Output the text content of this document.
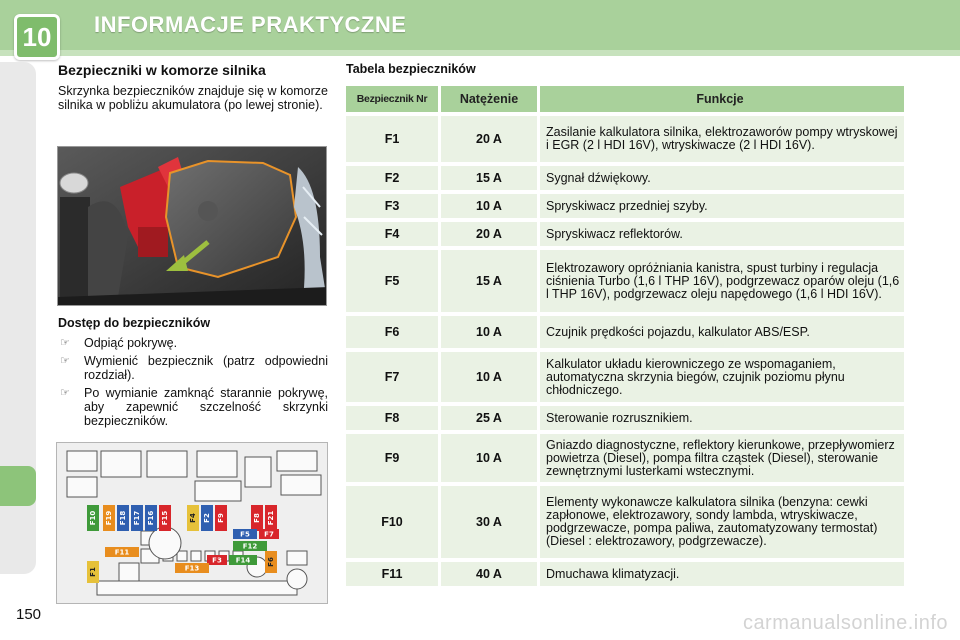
10	INFORMACJE PRAKTYCZNE
150	carmanualsonline.info
Bezpieczniki w komorze silnika
Skrzynka bezpieczników znajduje się w komorze silnika w pobliżu akumulatora (po lewej stronie).
Dostęp do bezpieczników
☞ Odpiąć pokrywę.
☞ Wymienić bezpiecznik (patrz odpowiedni rozdział).
☞ Po wymianie zamknąć starannie pokrywę, aby zapewnić szczelność skrzynki bezpieczników.
F10 F19 F18 F17 F16 F15	F4 F2 F9	F8 F21
F5 F7
F12
F11
F3 F14 F6
F1	F13
Tabela bezpieczników
Bezpiecznik Nr	Natężenie	Funkcje
F1	20 A	Zasilanie kalkulatora silnika, elektrozaworów pompy wtryskowej i EGR (2 l HDI 16V), wtryskiwacze (2 l HDI 16V).
F2	15 A	Sygnał dźwiękowy.
F3	10 A	Spryskiwacz przedniej szyby.
F4	20 A	Spryskiwacz reflektorów.
F5	15 A
Elektrozawory opróżniania kanistra, spust turbiny i regulacja ciśnienia Turbo (1,6 l THP 16V), podgrzewacz oparów oleju (1,6 l THP 16V), podgrzewacz oleju napędowego (1,6 l HDI 16V).
F6	10 A	Czujnik prędkości pojazdu, kalkulator ABS/ESP.
F7	10 A
Kalkulator układu kierowniczego ze wspomaganiem, automatyczna skrzynia biegów, czujnik poziomu płynu chłodniczego.
F8	25 A	Sterowanie rozrusznikiem.
F9	10 A
Gniazdo diagnostyczne, reflektory kierunkowe, przepływomierz powietrza (Diesel), pompa filtra cząstek (Diesel), sterowanie zewnętrznymi lusterkami wstecznymi.
F10	30 A
Elementy wykonawcze kalkulatora silnika (benzyna: cewki zapłonowe, elektrozawory, sondy lambda, wtryskiwacze, podgrzewacze, pompa paliwa, zautomatyzowany termostat) (Diesel : elektrozawory, podgrzewacze).
F11	40 A	Dmuchawa klimatyzacji.
